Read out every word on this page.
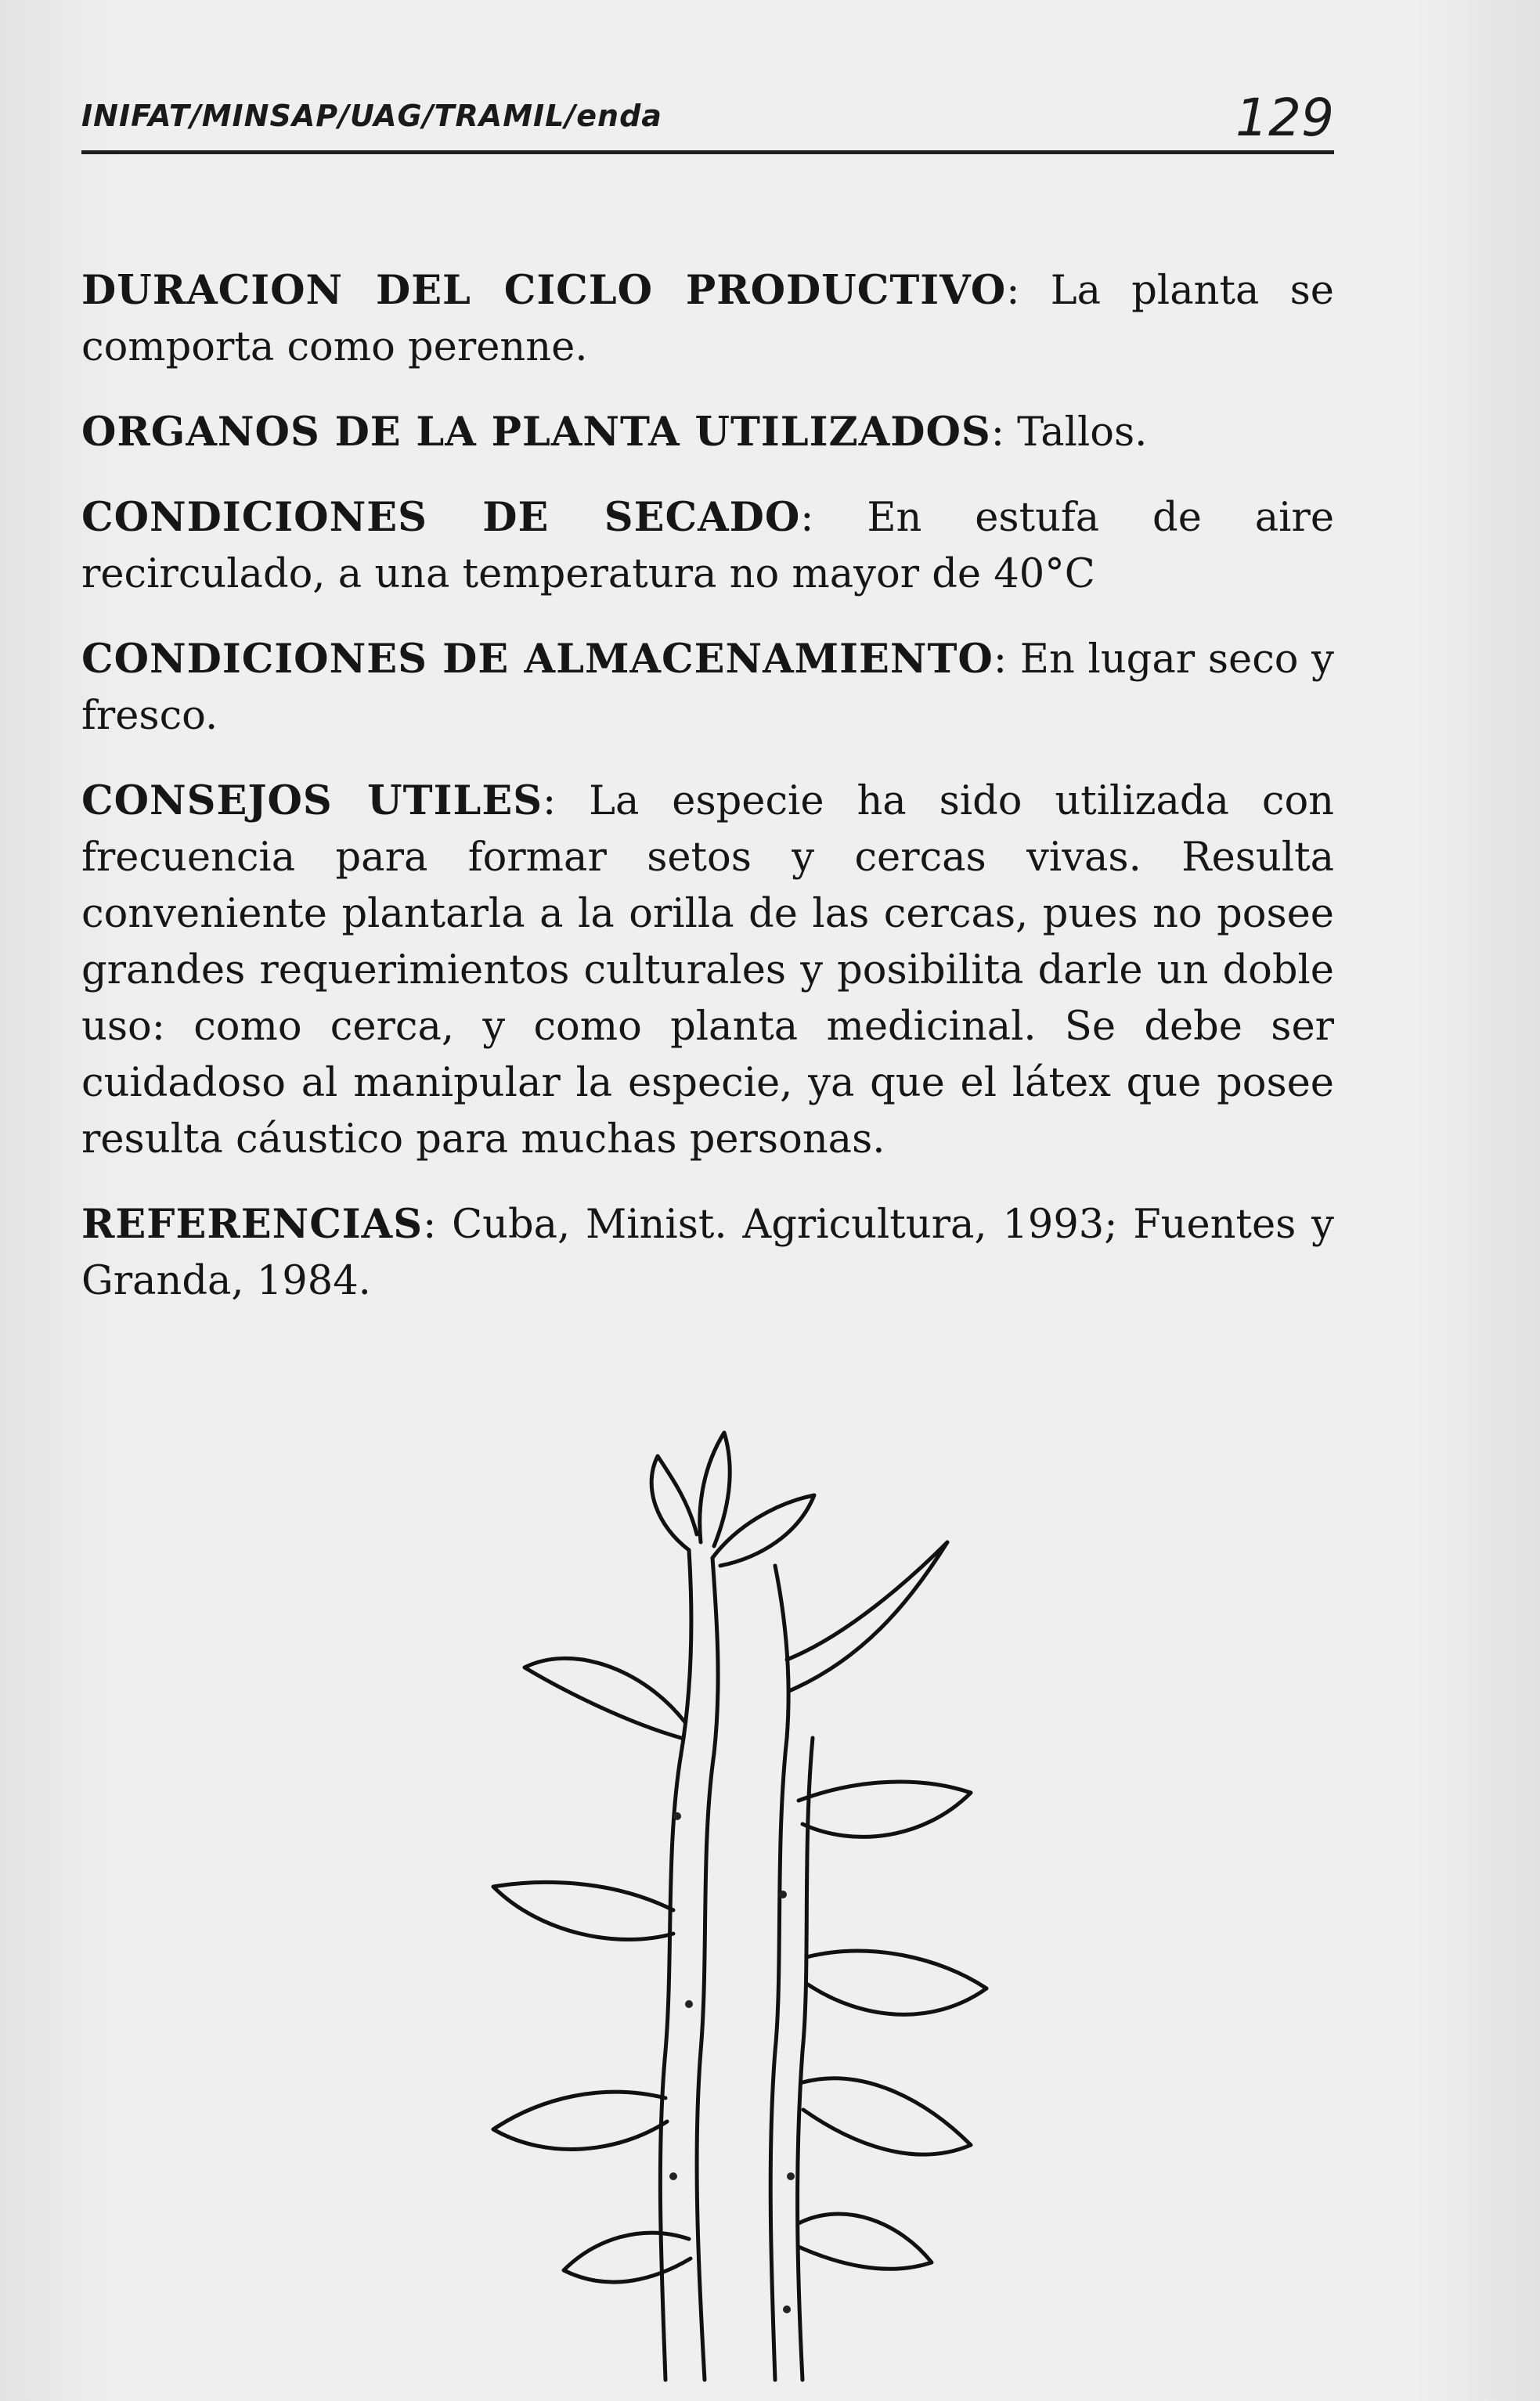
INIFAT/MINSAP/UAG/TRAMIL/enda	129

DURACION DEL CICLO PRODUCTIVO: La planta se comporta como perenne.

ORGANOS DE LA PLANTA UTILIZADOS: Tallos.

CONDICIONES DE SECADO: En estufa de aire recirculado, a una temperatura no mayor de 40°C

CONDICIONES DE ALMACENAMIENTO: En lugar seco y fresco.

CONSEJOS UTILES: La especie ha sido utilizada con frecuencia para formar setos y cercas vivas. Resulta conveniente plantarla a la orilla de las cercas, pues no posee grandes requerimientos culturales y posibilita darle un doble uso: como cerca, y como planta medicinal. Se debe ser cuidadoso al manipular la especie, ya que el látex que posee resulta cáustico para muchas personas.

REFERENCIAS: Cuba, Minist. Agricultura, 1993; Fuentes y Granda, 1984.
